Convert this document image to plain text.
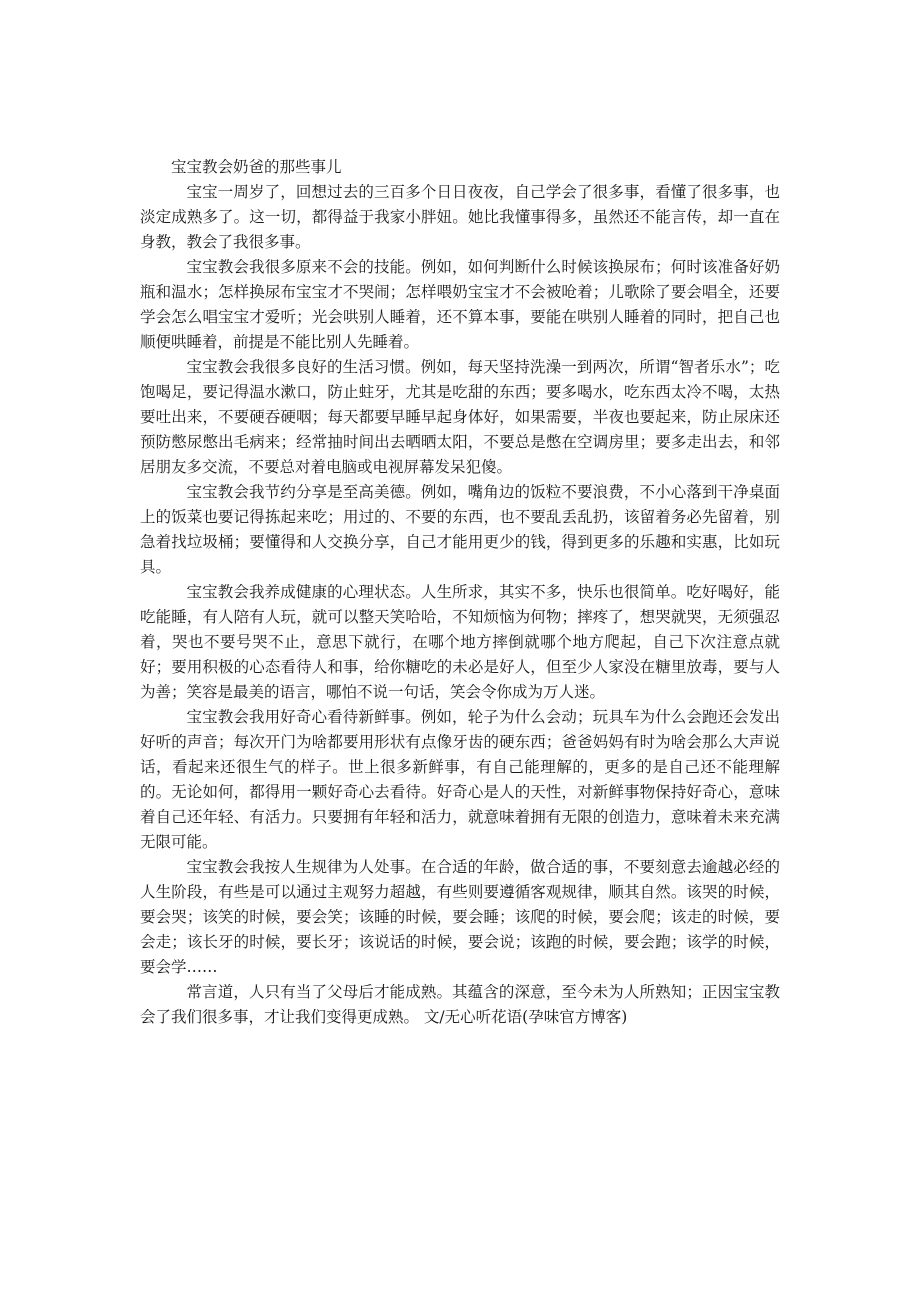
宝宝教会奶爸的那些事儿

宝宝一周岁了，回想过去的三百多个日日夜夜，自己学会了很多事，看懂了很多事，也淡定成熟多了。这一切，都得益于我家小胖妞。她比我懂事得多，虽然还不能言传，却一直在身教，教会了我很多事。

宝宝教会我很多原来不会的技能。例如，如何判断什么时候该换尿布；何时该准备好奶瓶和温水；怎样换尿布宝宝才不哭闹；怎样喂奶宝宝才不会被呛着；儿歌除了要会唱全，还要学会怎么唱宝宝才爱听；光会哄别人睡着，还不算本事，要能在哄别人睡着的同时，把自己也顺便哄睡着，前提是不能比别人先睡着。

宝宝教会我很多良好的生活习惯。例如，每天坚持洗澡一到两次，所谓“智者乐水”；吃饱喝足，要记得温水漱口，防止蛀牙，尤其是吃甜的东西；要多喝水，吃东西太冷不喝，太热要吐出来，不要硬吞硬咽；每天都要早睡早起身体好，如果需要，半夜也要起来，防止尿床还预防憋尿憋出毛病来；经常抽时间出去晒晒太阳，不要总是憋在空调房里；要多走出去，和邻居朋友多交流，不要总对着电脑或电视屏幕发呆犯傻。

宝宝教会我节约分享是至高美德。例如，嘴角边的饭粒不要浪费，不小心落到干净桌面上的饭菜也要记得拣起来吃；用过的、不要的东西，也不要乱丢乱扔，该留着务必先留着，别急着找垃圾桶；要懂得和人交换分享，自己才能用更少的钱，得到更多的乐趣和实惠，比如玩具。

宝宝教会我养成健康的心理状态。人生所求，其实不多，快乐也很简单。吃好喝好，能吃能睡，有人陪有人玩，就可以整天笑哈哈，不知烦恼为何物；摔疼了，想哭就哭，无须强忍着，哭也不要号哭不止，意思下就行，在哪个地方摔倒就哪个地方爬起，自己下次注意点就好；要用积极的心态看待人和事，给你糖吃的未必是好人，但至少人家没在糖里放毒，要与人为善；笑容是最美的语言，哪怕不说一句话，笑会令你成为万人迷。

宝宝教会我用好奇心看待新鲜事。例如，轮子为什么会动；玩具车为什么会跑还会发出好听的声音；每次开门为啥都要用形状有点像牙齿的硬东西；爸爸妈妈有时为啥会那么大声说话，看起来还很生气的样子。世上很多新鲜事，有自己能理解的，更多的是自己还不能理解的。无论如何，都得用一颗好奇心去看待。好奇心是人的天性，对新鲜事物保持好奇心，意味着自己还年轻、有活力。只要拥有年轻和活力，就意味着拥有无限的创造力，意味着未来充满无限可能。

宝宝教会我按人生规律为人处事。在合适的年龄，做合适的事，不要刻意去逾越必经的人生阶段，有些是可以通过主观努力超越，有些则要遵循客观规律，顺其自然。该哭的时候，要会哭；该笑的时候，要会笑；该睡的时候，要会睡；该爬的时候，要会爬；该走的时候，要会走；该长牙的时候，要长牙；该说话的时候，要会说；该跑的时候，要会跑；该学的时候，要会学……

常言道，人只有当了父母后才能成熟。其蕴含的深意，至今未为人所熟知；正因宝宝教会了我们很多事，才让我们变得更成熟。 文/无心听花语(孕味官方博客)
